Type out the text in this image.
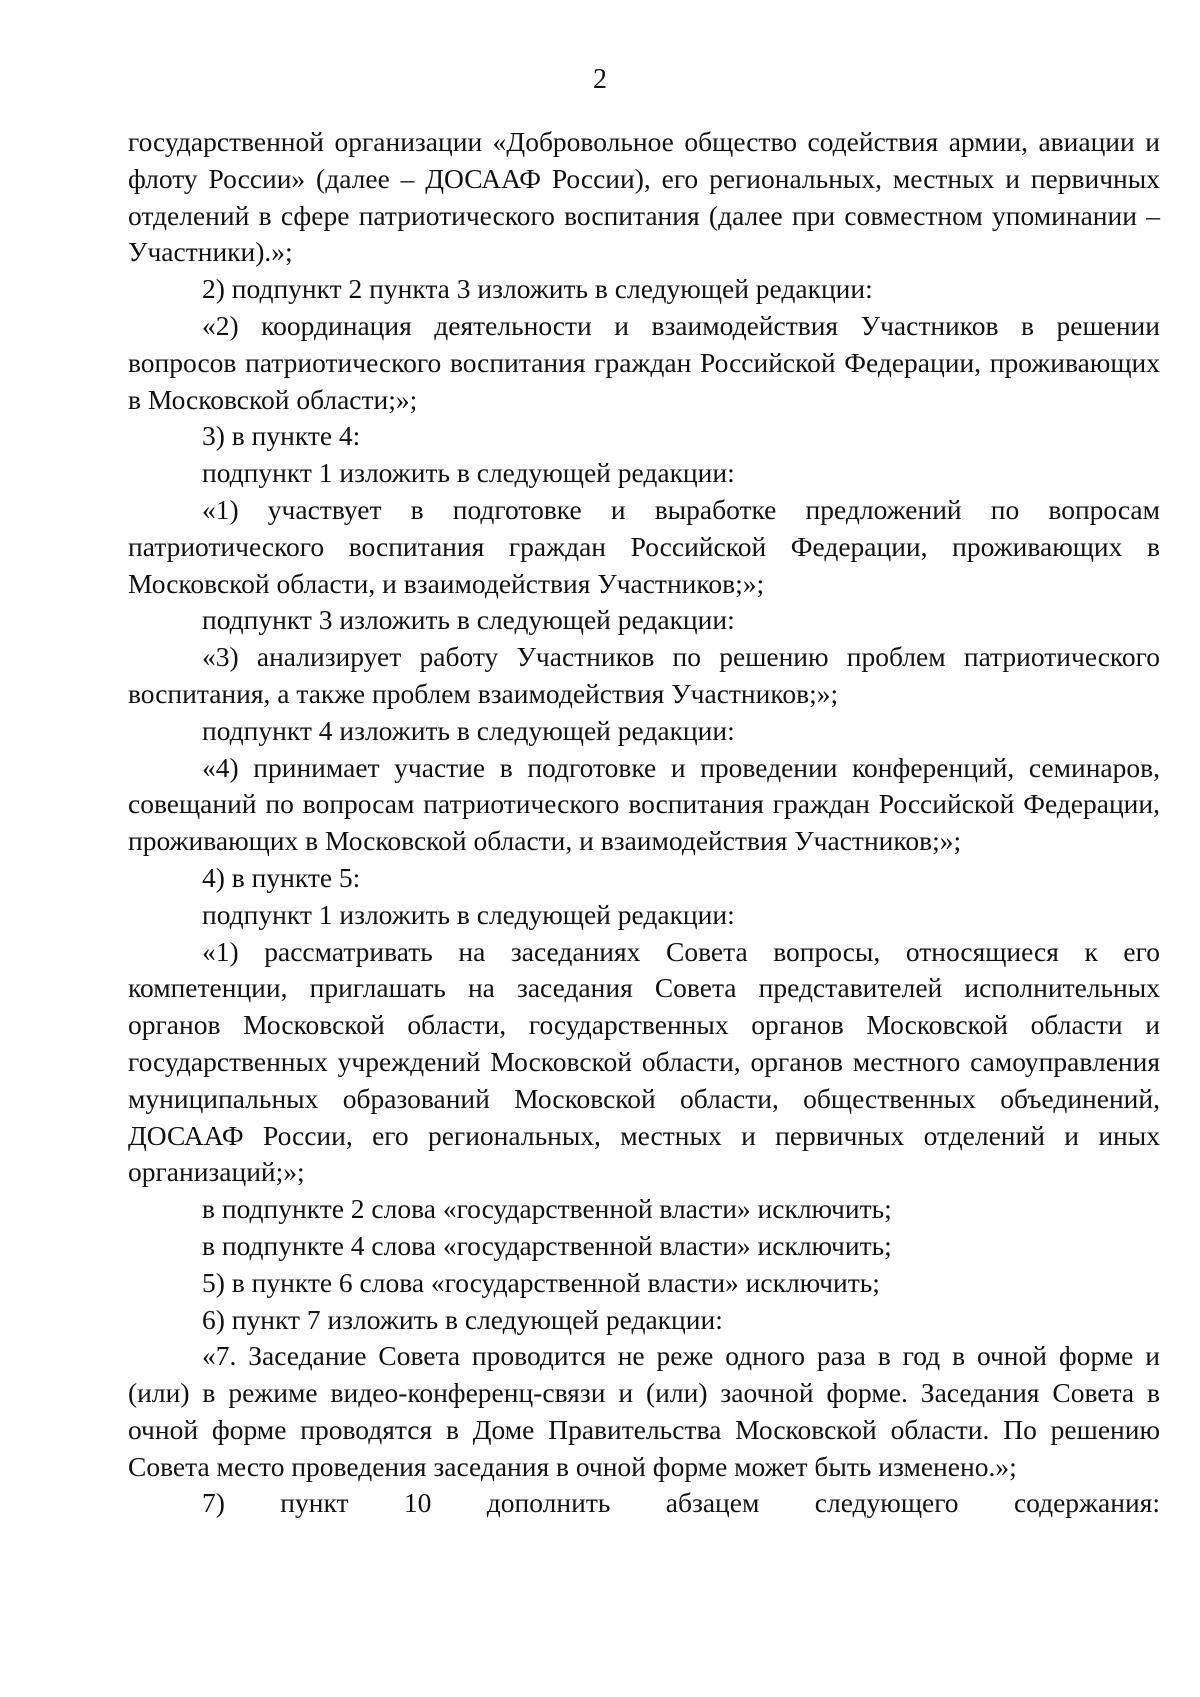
2

государственной организации «Добровольное общество содействия армии, авиации и флоту России» (далее – ДОСААФ России), его региональных, местных и первичных отделений в сфере патриотического воспитания (далее при совместном упоминании – Участники).»;

2) подпункт 2 пункта 3 изложить в следующей редакции:

«2) координация деятельности и взаимодействия Участников в решении вопросов патриотического воспитания граждан Российской Федерации, проживающих в Московской области;»;

3) в пункте 4:

подпункт 1 изложить в следующей редакции:

«1) участвует в подготовке и выработке предложений по вопросам патриотического воспитания граждан Российской Федерации, проживающих в Московской области, и взаимодействия Участников;»;

подпункт 3 изложить в следующей редакции:

«3) анализирует работу Участников по решению проблем патриотического воспитания, а также проблем взаимодействия Участников;»;

подпункт 4 изложить в следующей редакции:

«4) принимает участие в подготовке и проведении конференций, семинаров, совещаний по вопросам патриотического воспитания граждан Российской Федерации, проживающих в Московской области, и взаимодействия Участников;»;

4) в пункте 5:

подпункт 1 изложить в следующей редакции:

«1) рассматривать на заседаниях Совета вопросы, относящиеся к его компетенции, приглашать на заседания Совета представителей исполнительных органов Московской области, государственных органов Московской области и государственных учреждений Московской области, органов местного самоуправления муниципальных образований Московской области, общественных объединений, ДОСААФ России, его региональных, местных и первичных отделений и иных организаций;»;

в подпункте 2 слова «государственной власти» исключить;

в подпункте 4 слова «государственной власти» исключить;

5) в пункте 6 слова «государственной власти» исключить;

6) пункт 7 изложить в следующей редакции:

«7. Заседание Совета проводится не реже одного раза в год в очной форме и (или) в режиме видео-конференц-связи и (или) заочной форме. Заседания Совета в очной форме проводятся в Доме Правительства Московской области. По решению Совета место проведения заседания в очной форме может быть изменено.»;

7) пункт 10 дополнить абзацем следующего содержания:
